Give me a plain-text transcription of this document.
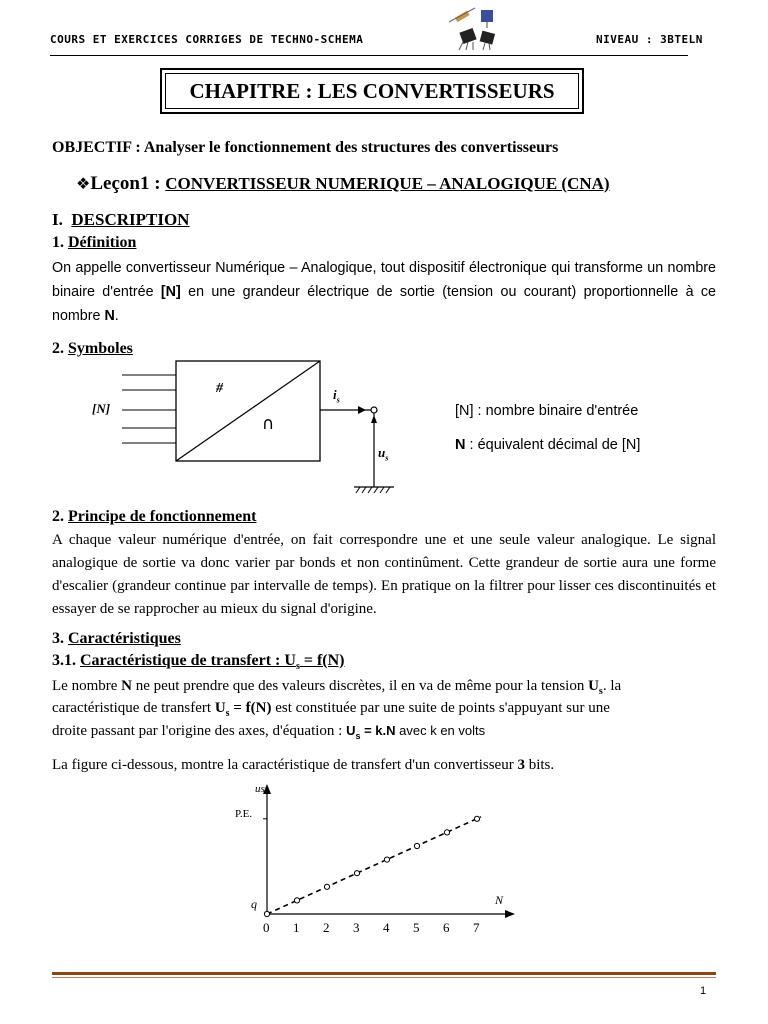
COURS ET EXERCICES CORRIGES DE TECHNO-SCHEMA	NIVEAU : 3BTELN
CHAPITRE : LES CONVERTISSEURS
OBJECTIF : Analyser le fonctionnement des structures des convertisseurs
❖Leçon1 : CONVERTISSEUR NUMERIQUE – ANALOGIQUE (CNA)
I. DESCRIPTION
1. Définition
On appelle convertisseur Numérique – Analogique, tout dispositif électronique qui transforme un nombre binaire d'entrée [N] en une grandeur électrique de sortie (tension ou courant) proportionnelle à ce nombre N.
2. Symboles
[N]
#
∩
$i_s$
$u_s$
[N] : nombre binaire d'entrée
N : équivalent décimal de [N]
2. Principe de fonctionnement
A chaque valeur numérique d'entrée, on fait correspondre une et une seule valeur analogique. Le signal analogique de sortie va donc varier par bonds et non continûment. Cette grandeur de sortie aura une forme d'escalier (grandeur continue par intervalle de temps). En pratique on la filtrer pour lisser ces discontinuités et essayer de se rapprocher au mieux du signal d'origine.
3. Caractéristiques
3.1. Caractéristique de transfert : $U_s = f(N)$
Le nombre N ne peut prendre que des valeurs discrètes, il en va de même pour la tension $U_s$. la
caractéristique de transfert $U_s = f(N)$ est constituée par une suite de points s'appuyant sur une
droite passant par l'origine des axes, d'équation : $U_s = k.N$ avec k en volts
La figure ci-dessous, montre la caractéristique de transfert d'un convertisseur 3 bits.
us
N
q
P.E.
0 1 2 3 4 5 6 7
1
